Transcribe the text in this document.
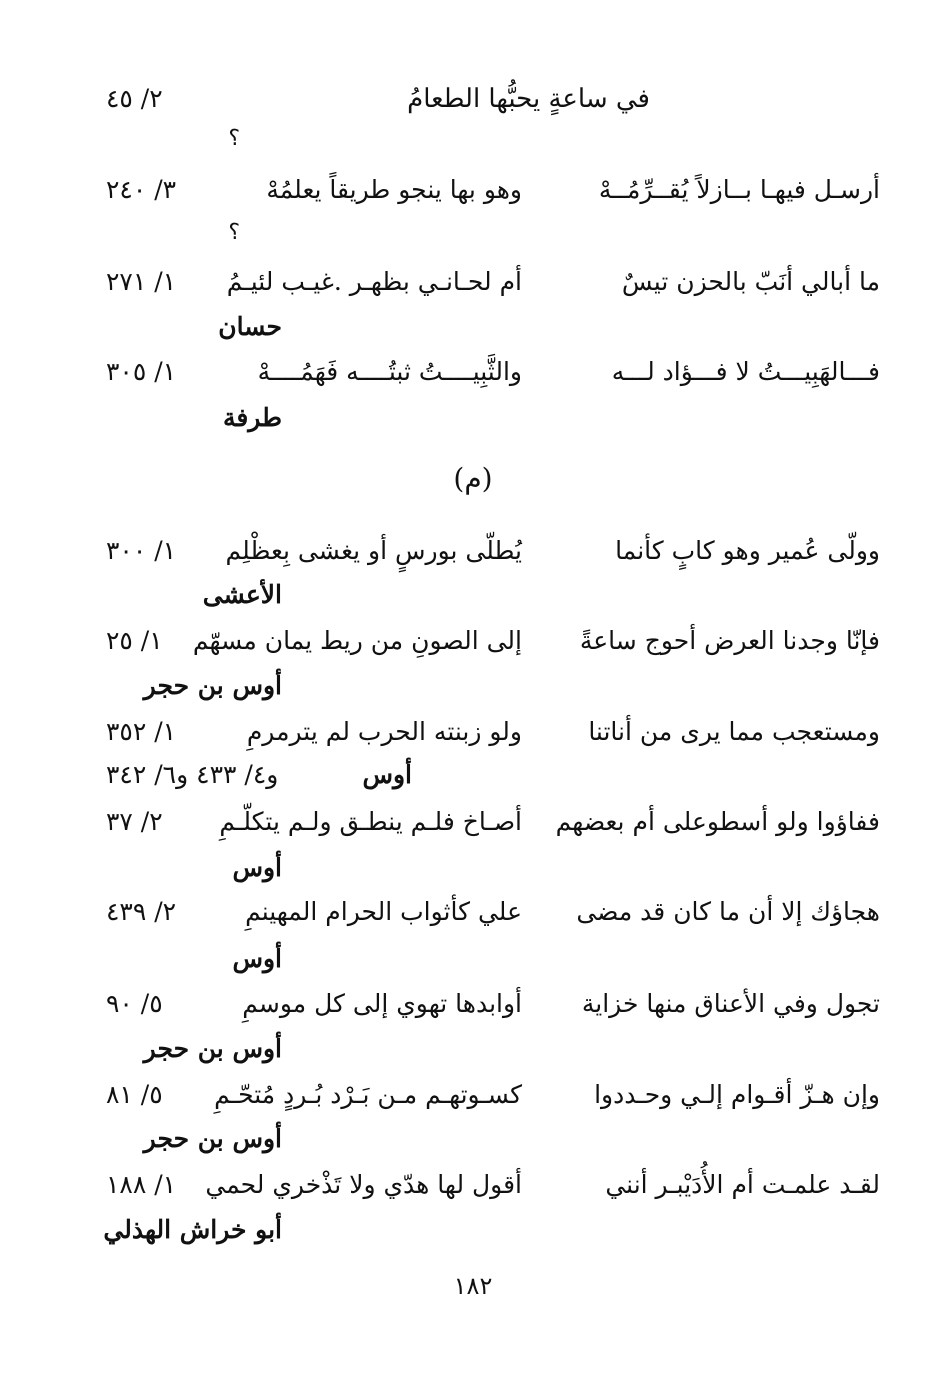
في ساعةٍ يحبُّها الطعامُ
٢/ ٤٥
؟
أرسـل فيهـا بــازلاً يُقــرِّمُــهْ
وهو بها ينجو طريقاً يعلمُهْ
٣/ ٢٤٠
؟
ما أبالي أنَبّ بالحزن تيسٌ
أم لحـانـي بظهـر .غيـب لئيـمُ
١/ ٢٧١
حسان
فـــالهَبِيـــتُ لا فـــؤاد لـــه
والثَّبِيــــتُ ثبتُــــه فَهَمُــــهْ
١/ ٣٠٥
طرفة
(م)
وولّى عُمير وهو كابٍ كأنما
يُطلّى بورسٍ أو يغشى بِعظْلِم
١/ ٣٠٠
الأعشى
فإنّا وجدنا العرض أحوج ساعةً
إلى الصونِ من ريط يمان مسهّم
١/ ٢٥
أوس بن حجر
ومستعجب مما يرى من أناتنا
ولو زبنته الحرب لم يترمرمِ
١/ ٣٥٢
أوس
و٤/ ٤٣٣ و٦/ ٣٤٢
ففاؤوا ولو أسطوعلى أم بعضهم
أصـاخ فلـم ينطـق ولـم يتكلّـمِ
٢/ ٣٧
أوس
هجاؤك إلا أن ما كان قد مضى
علي كأثواب الحرام المهينمِ
٢/ ٤٣٩
أوس
تجول وفي الأعناق منها خزاية
أوابدها تهوي إلى كل موسمِ
٥/ ٩٠
أوس بن حجر
وإن هـزّ أقـوام إلـي وحـددوا
كسـوتهـم مـن بَـرْد بُـردٍ مُتحّـمِ
٥/ ٨١
أوس بن حجر
لقـد علمـت أم الأُدَيْبـر أنني
أقول لها هدّي ولا تَذْخري لحمي
١/ ١٨٨
أبو خراش الهذلي
١٨٢
